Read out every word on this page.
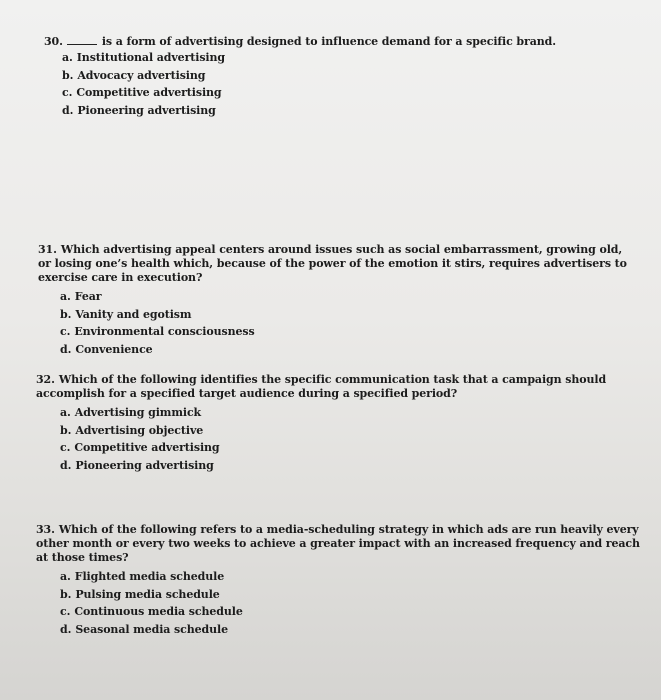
30.	is a form of advertising designed to influence demand for a specific brand.
a. Institutional advertising
b. Advocacy advertising
c. Competitive advertising
d. Pioneering advertising
31. Which advertising appeal centers around issues such as social embarrassment, growing old, or losing one’s health which, because of the power of the emotion it stirs, requires advertisers to exercise care in execution?
a. Fear
b. Vanity and egotism
c. Environmental consciousness
d. Convenience
32. Which of the following identifies the specific communication task that a campaign should accomplish for a specified target audience during a specified period?
a. Advertising gimmick
b. Advertising objective
c. Competitive advertising
d. Pioneering advertising
33. Which of the following refers to a media-scheduling strategy in which ads are run heavily every other month or every two weeks to achieve a greater impact with an increased frequency and reach at those times?
a. Flighted media schedule
b. Pulsing media schedule
c. Continuous media schedule
d. Seasonal media schedule
